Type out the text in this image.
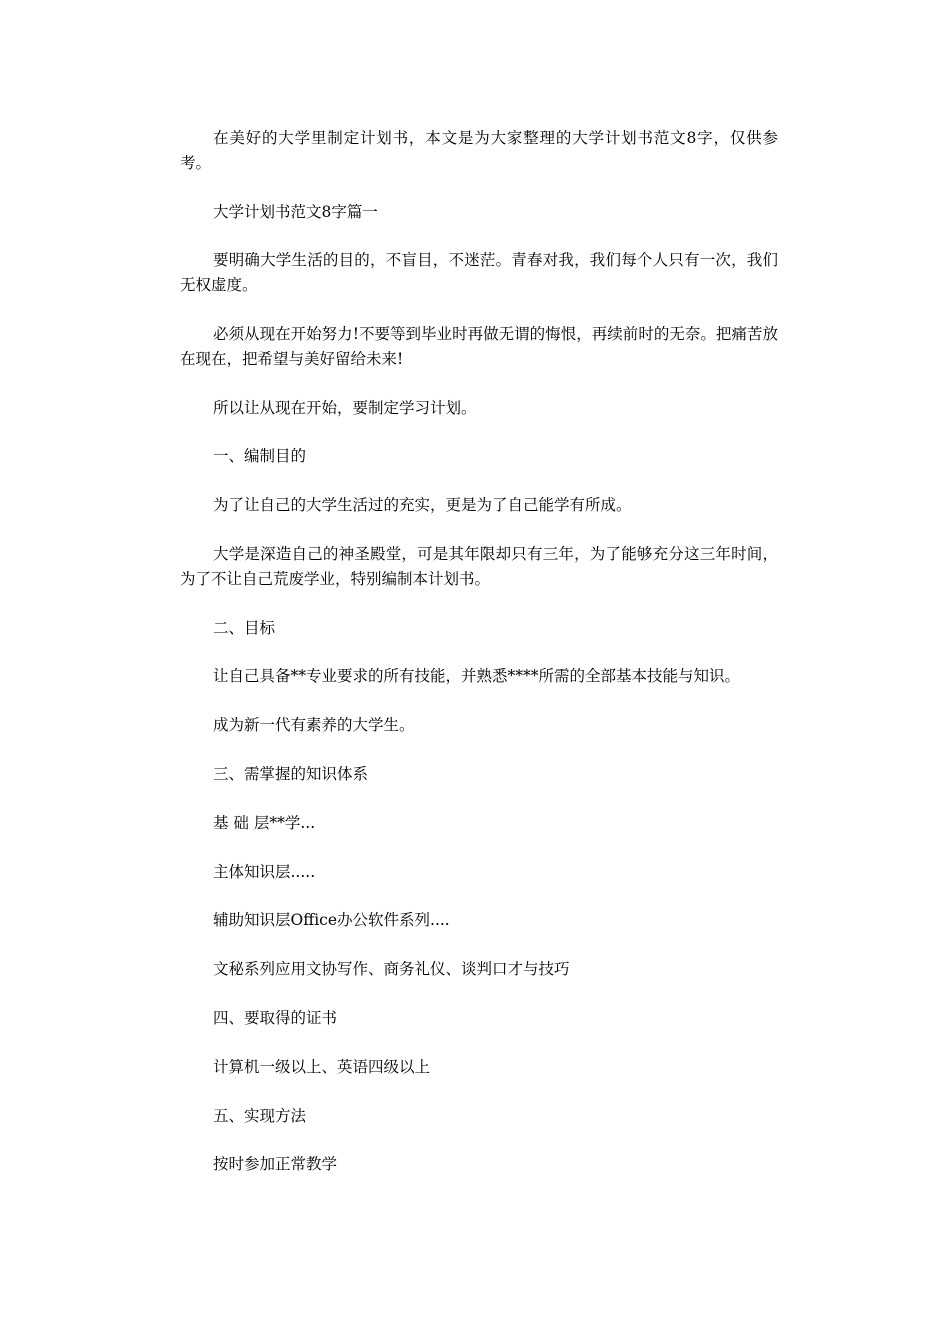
在美好的大学里制定计划书，本文是为大家整理的大学计划书范文8字，仅供参考。

大学计划书范文8字篇一

要明确大学生活的目的，不盲目，不迷茫。青春对我，我们每个人只有一次，我们无权虚度。

必须从现在开始努力!不要等到毕业时再做无谓的悔恨，再续前时的无奈。把痛苦放在现在，把希望与美好留给未来!

所以让从现在开始，要制定学习计划。

一、编制目的

为了让自己的大学生活过的充实，更是为了自己能学有所成。

大学是深造自己的神圣殿堂，可是其年限却只有三年，为了能够充分这三年时间，为了不让自己荒废学业，特别编制本计划书。

二、目标

让自己具备**专业要求的所有技能，并熟悉****所需的全部基本技能与知识。

成为新一代有素养的大学生。

三、需掌握的知识体系

基 础 层**学...

主体知识层.....

辅助知识层Office办公软件系列....

文秘系列应用文协写作、商务礼仪、谈判口才与技巧

四、要取得的证书

计算机一级以上、英语四级以上

五、实现方法

按时参加正常教学
